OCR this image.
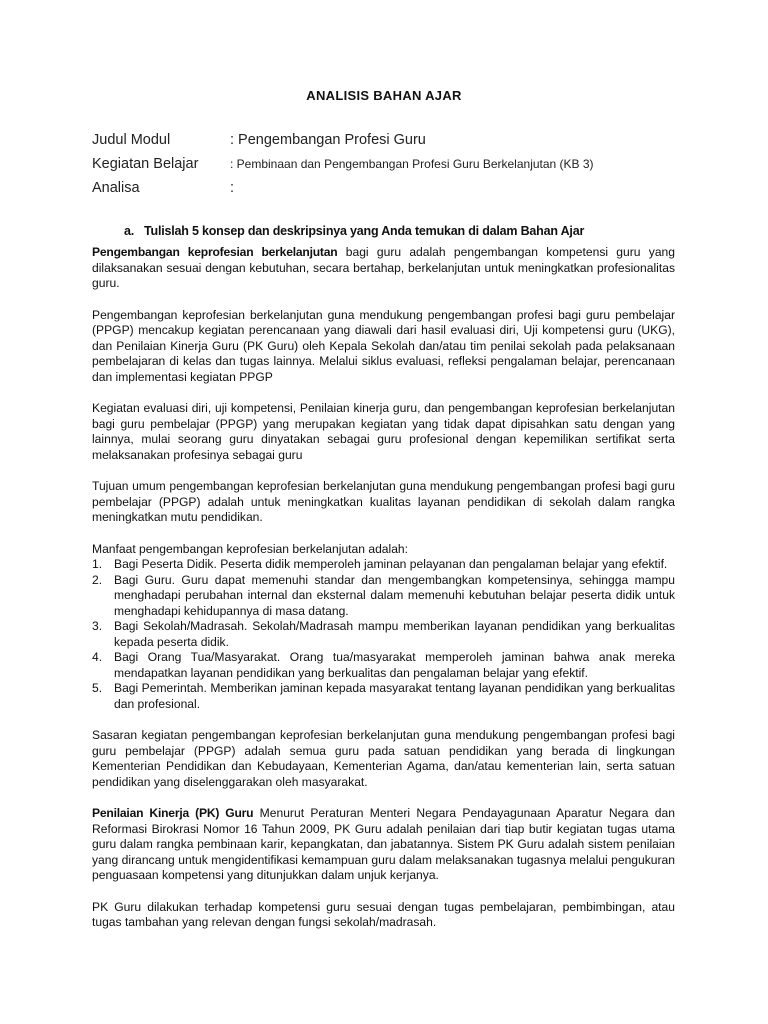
ANALISIS BAHAN AJAR
Judul Modul	: Pengembangan Profesi Guru
Kegiatan Belajar	: Pembinaan dan Pengembangan Profesi Guru Berkelanjutan (KB 3)
Analisa	:
a. Tulislah 5 konsep dan deskripsinya yang Anda temukan di dalam Bahan Ajar

Pengembangan keprofesian berkelanjutan bagi guru adalah pengembangan kompetensi guru yang dilaksanakan sesuai dengan kebutuhan, secara bertahap, berkelanjutan untuk meningkatkan profesionalitas guru.

Pengembangan keprofesian berkelanjutan guna mendukung pengembangan profesi bagi guru pembelajar (PPGP) mencakup kegiatan perencanaan yang diawali dari hasil evaluasi diri, Uji kompetensi guru (UKG), dan Penilaian Kinerja Guru (PK Guru) oleh Kepala Sekolah dan/atau tim penilai sekolah pada pelaksanaan pembelajaran di kelas dan tugas lainnya. Melalui siklus evaluasi, refleksi pengalaman belajar, perencanaan dan implementasi kegiatan PPGP

Kegiatan evaluasi diri, uji kompetensi, Penilaian kinerja guru, dan pengembangan keprofesian berkelanjutan bagi guru pembelajar (PPGP) yang merupakan kegiatan yang tidak dapat dipisahkan satu dengan yang lainnya, mulai seorang guru dinyatakan sebagai guru profesional dengan kepemilikan sertifikat serta melaksanakan profesinya sebagai guru

Tujuan umum pengembangan keprofesian berkelanjutan guna mendukung pengembangan profesi bagi guru pembelajar (PPGP) adalah untuk meningkatkan kualitas layanan pendidikan di sekolah dalam rangka meningkatkan mutu pendidikan.

Manfaat pengembangan keprofesian berkelanjutan adalah:

1. Bagi Peserta Didik. Peserta didik memperoleh jaminan pelayanan dan pengalaman belajar yang efektif.
2. Bagi Guru. Guru dapat memenuhi standar dan mengembangkan kompetensinya, sehingga mampu menghadapi perubahan internal dan eksternal dalam memenuhi kebutuhan belajar peserta didik untuk menghadapi kehidupannya di masa datang.
3. Bagi Sekolah/Madrasah. Sekolah/Madrasah mampu memberikan layanan pendidikan yang berkualitas kepada peserta didik.
4. Bagi Orang Tua/Masyarakat. Orang tua/masyarakat memperoleh jaminan bahwa anak mereka mendapatkan layanan pendidikan yang berkualitas dan pengalaman belajar yang efektif.
5. Bagi Pemerintah. Memberikan jaminan kepada masyarakat tentang layanan pendidikan yang berkualitas dan profesional.

Sasaran kegiatan pengembangan keprofesian berkelanjutan guna mendukung pengembangan profesi bagi guru pembelajar (PPGP) adalah semua guru pada satuan pendidikan yang berada di lingkungan Kementerian Pendidikan dan Kebudayaan, Kementerian Agama, dan/atau kementerian lain, serta satuan pendidikan yang diselenggarakan oleh masyarakat.

Penilaian Kinerja (PK) Guru Menurut Peraturan Menteri Negara Pendayagunaan Aparatur Negara dan Reformasi Birokrasi Nomor 16 Tahun 2009, PK Guru adalah penilaian dari tiap butir kegiatan tugas utama guru dalam rangka pembinaan karir, kepangkatan, dan jabatannya. Sistem PK Guru adalah sistem penilaian yang dirancang untuk mengidentifikasi kemampuan guru dalam melaksanakan tugasnya melalui pengukuran penguasaan kompetensi yang ditunjukkan dalam unjuk kerjanya.

PK Guru dilakukan terhadap kompetensi guru sesuai dengan tugas pembelajaran, pembimbingan, atau tugas tambahan yang relevan dengan fungsi sekolah/madrasah.
